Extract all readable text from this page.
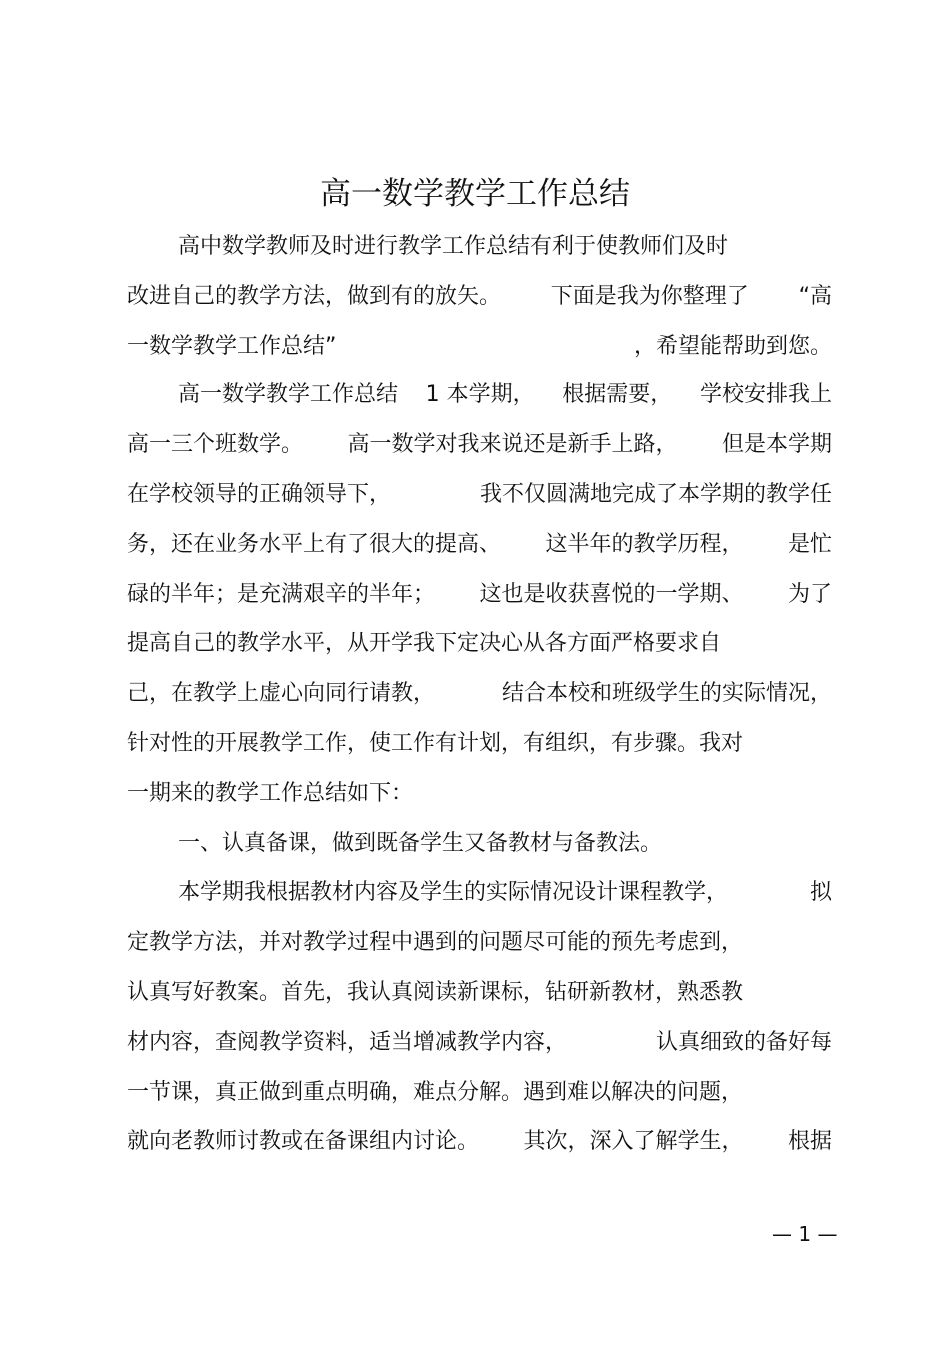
高一数学教学工作总结
高中数学教师及时进行教学工作总结有利于使教师们及时
改进自己的教学方法，做到有的放矢。 下面是我为你整理了 “高
一数学教学工作总结”	，希望能帮助到您。
高一数学教学工作总结 1 本学期， 根据需要， 学校安排我上
高一三个班数学。 高一数学对我来说还是新手上路， 但是本学期
在学校领导的正确领导下，	我不仅圆满地完成了本学期的教学任
务，还在业务水平上有了很大的提高、 这半年的教学历程， 是忙
碌的半年；是充满艰辛的半年； 这也是收获喜悦的一学期、 为了
提高自己的教学水平，从开学我下定决心从各方面严格要求自
己，在教学上虚心向同行请教，	结合本校和班级学生的实际情况，
针对性的开展教学工作，使工作有计划，有组织，有步骤。我对
一期来的教学工作总结如下：
一、认真备课，做到既备学生又备教材与备教法。
本学期我根据教材内容及学生的实际情况设计课程教学，	拟
定教学方法，并对教学过程中遇到的问题尽可能的预先考虑到，
认真写好教案。首先，我认真阅读新课标，钻研新教材，熟悉教
材内容，查阅教学资料，适当增减教学内容，	认真细致的备好每
一节课，真正做到重点明确，难点分解。遇到难以解决的问题，
就向老教师讨教或在备课组内讨论。 其次，深入了解学生， 根据
— 1 —
